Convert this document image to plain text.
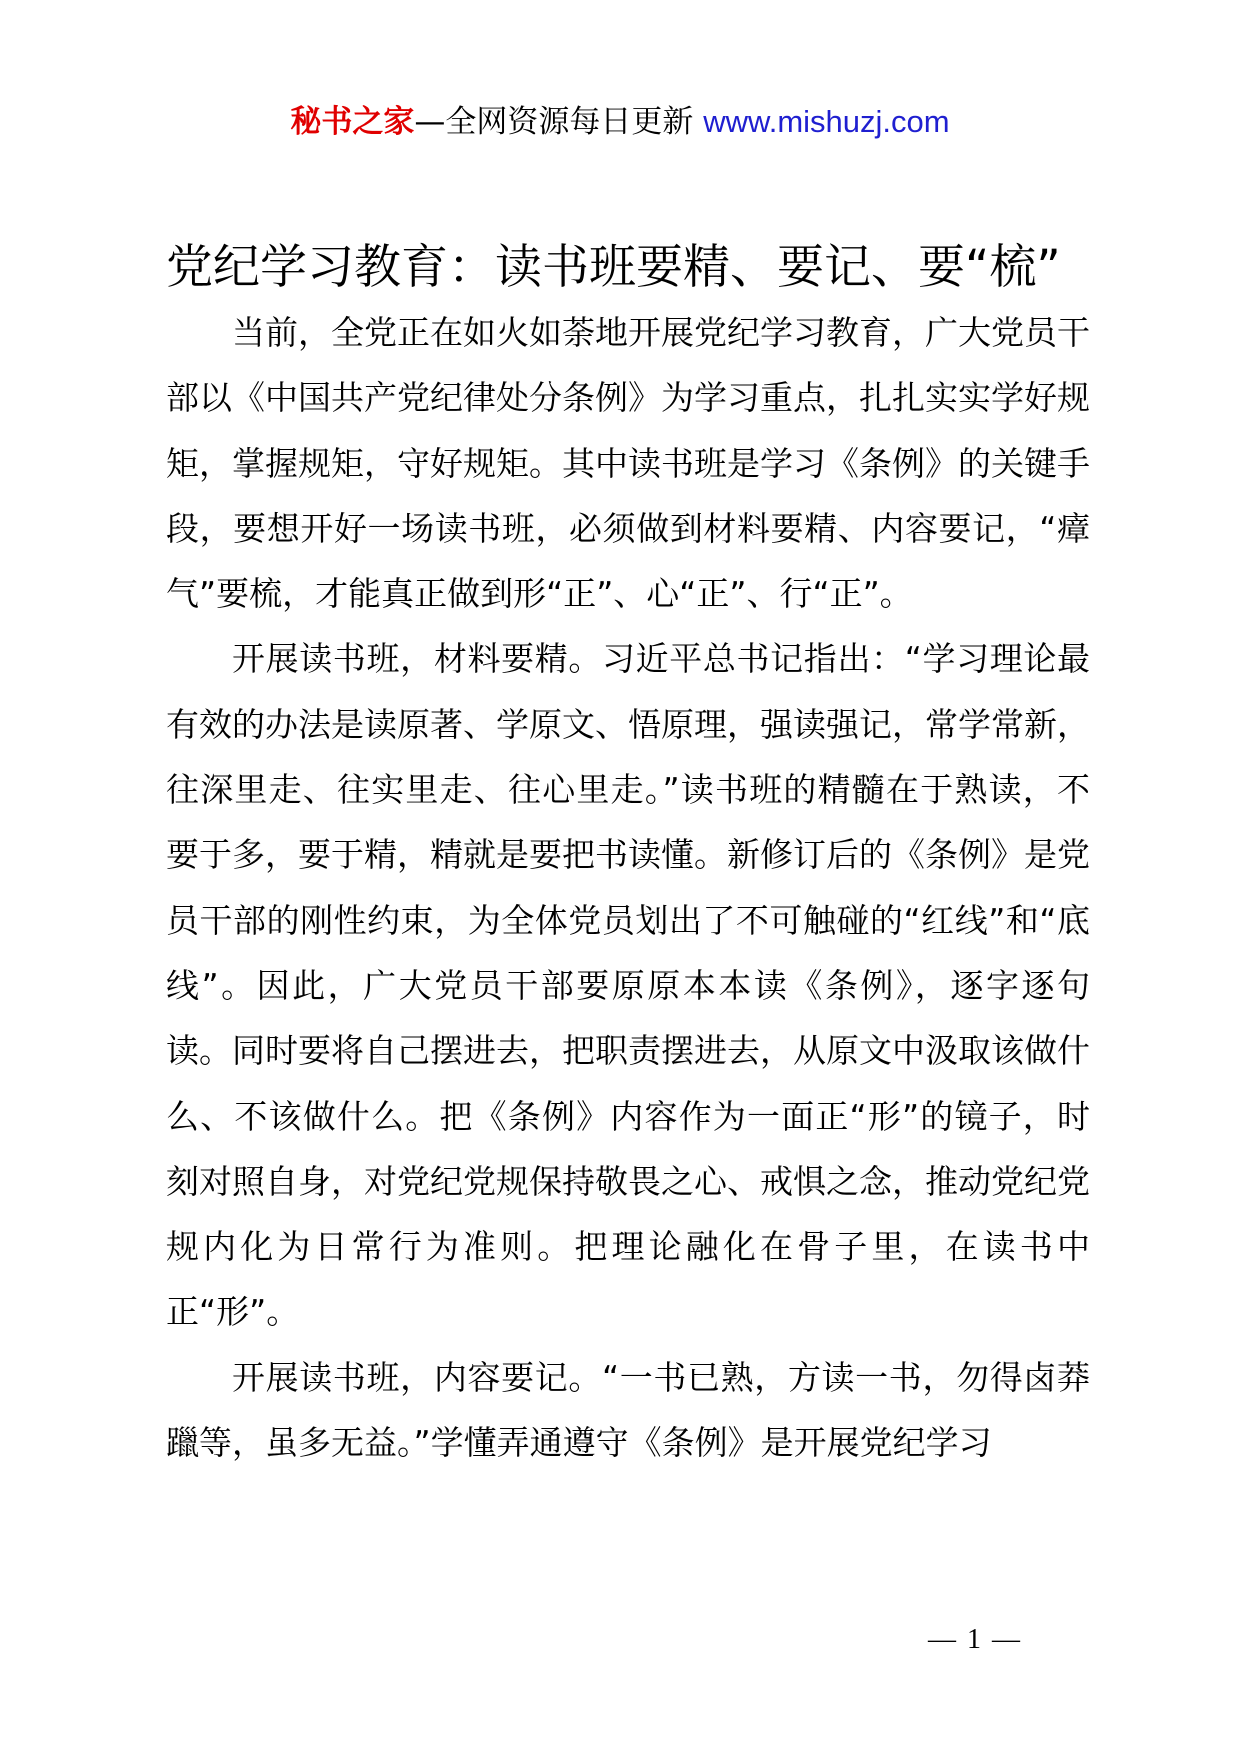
秘书之家—全网资源每日更新 www.mishuzj.com
党纪学习教育：读书班要精、要记、要“梳”

当前，全党正在如火如荼地开展党纪学习教育，广大党员干部以《中国共产党纪律处分条例》为学习重点，扎扎实实学好规矩，掌握规矩，守好规矩。其中读书班是学习《条例》的关键手段，要想开好一场读书班，必须做到材料要精、内容要记，“瘴气”要梳，才能真正做到形“正”、心“正”、行“正”。

开展读书班，材料要精。习近平总书记指出：“学习理论最有效的办法是读原著、学原文、悟原理，强读强记，常学常新，往深里走、往实里走、往心里走。”读书班的精髓在于熟读，不要于多，要于精，精就是要把书读懂。新修订后的《条例》是党员干部的刚性约束，为全体党员划出了不可触碰的“红线”和“底线”。因此，广大党员干部要原原本本读《条例》，逐字逐句读。同时要将自己摆进去，把职责摆进去，从原文中汲取该做什么、不该做什么。把《条例》内容作为一面正“形”的镜子，时刻对照自身，对党纪党规保持敬畏之心、戒惧之念，推动党纪党规内化为日常行为准则。把理论融化在骨子里，在读书中正“形”。

开展读书班，内容要记。“一书已熟，方读一书，勿得卤莽躐等，虽多无益。”学懂弄通遵守《条例》是开展党纪学习

— 1 —
